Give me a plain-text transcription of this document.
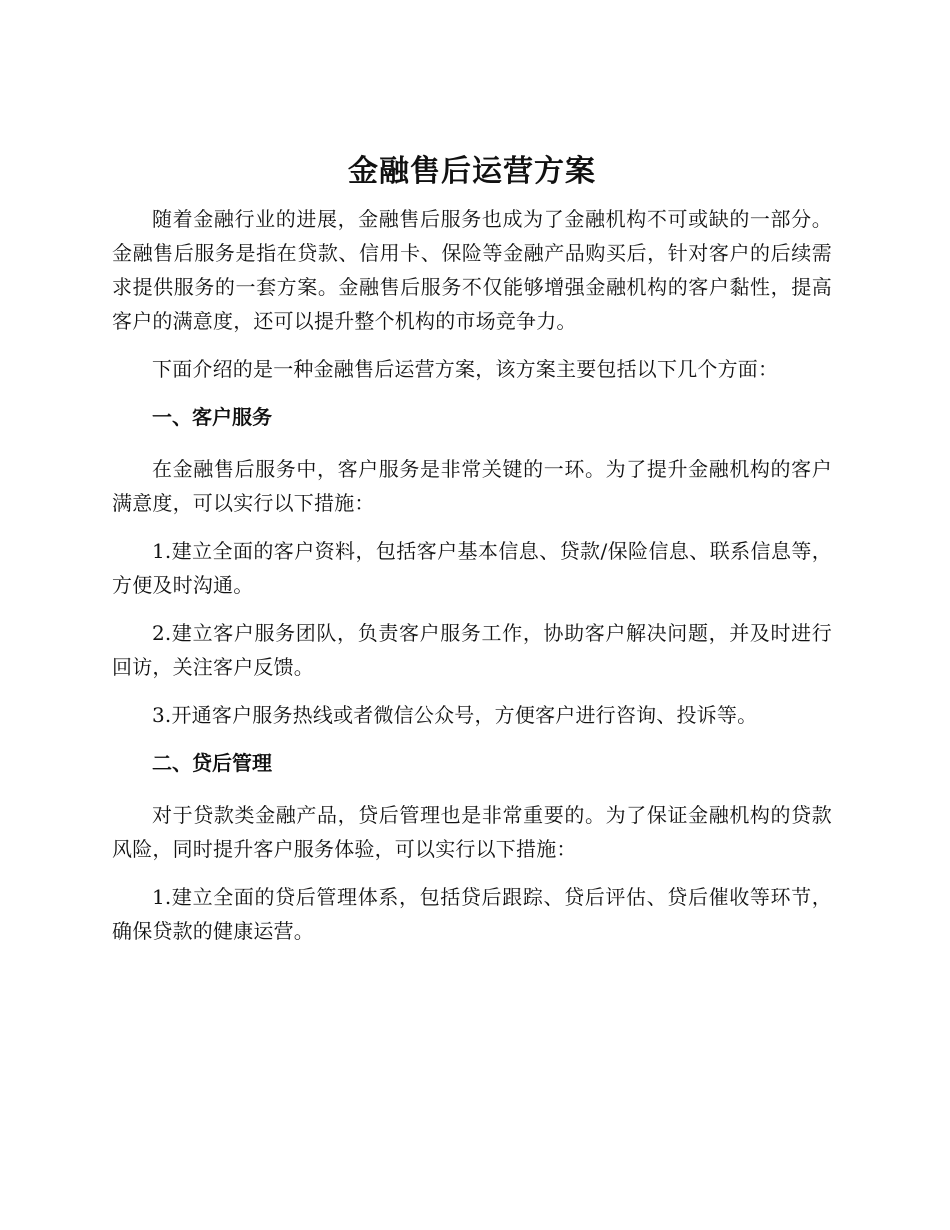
金融售后运营方案

随着金融行业的进展，金融售后服务也成为了金融机构不可或缺的一部分。金融售后服务是指在贷款、信用卡、保险等金融产品购买后，针对客户的后续需求提供服务的一套方案。金融售后服务不仅能够增强金融机构的客户黏性，提高客户的满意度，还可以提升整个机构的市场竞争力。

下面介绍的是一种金融售后运营方案，该方案主要包括以下几个方面：

一、客户服务

在金融售后服务中，客户服务是非常关键的一环。为了提升金融机构的客户满意度，可以实行以下措施：

1.建立全面的客户资料，包括客户基本信息、贷款/保险信息、联系信息等，方便及时沟通。

2.建立客户服务团队，负责客户服务工作，协助客户解决问题，并及时进行回访，关注客户反馈。

3.开通客户服务热线或者微信公众号，方便客户进行咨询、投诉等。

二、贷后管理

对于贷款类金融产品，贷后管理也是非常重要的。为了保证金融机构的贷款风险，同时提升客户服务体验，可以实行以下措施：

1.建立全面的贷后管理体系，包括贷后跟踪、贷后评估、贷后催收等环节，确保贷款的健康运营。
